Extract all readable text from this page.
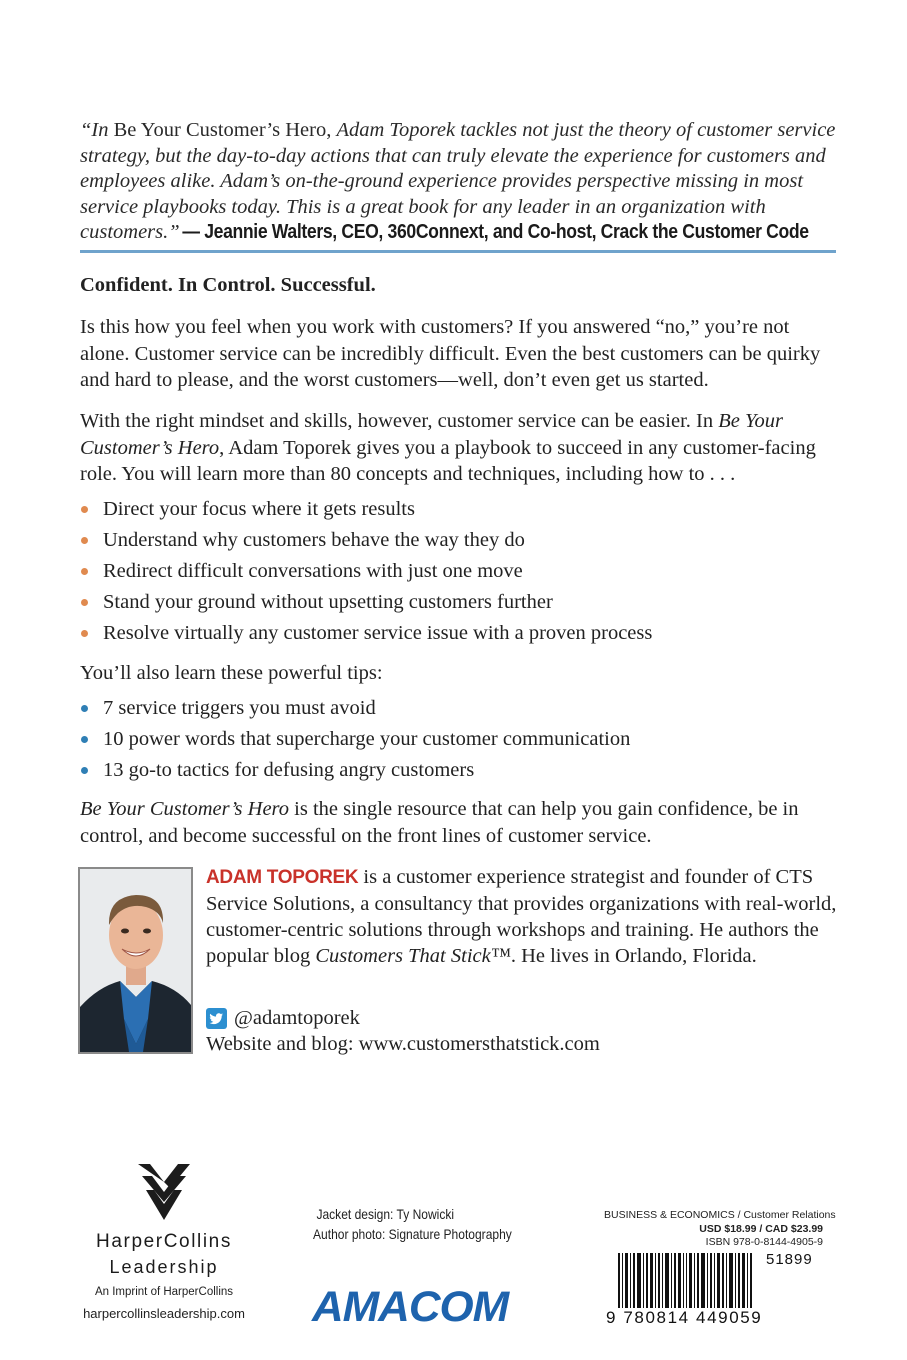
“In Be Your Customer’s Hero, Adam Toporek tackles not just the theory of customer service strategy, but the day-to-day actions that can truly elevate the experience for customers and employees alike. Adam’s on-the-ground experience provides perspective missing in most service playbooks today. This is a great book for any leader in an organization with customers.” — Jeannie Walters, CEO, 360Connext, and Co-host, Crack the Customer Code
Confident. In Control. Successful.
Is this how you feel when you work with customers? If you answered “no,” you’re not alone. Customer service can be incredibly difficult. Even the best customers can be quirky and hard to please, and the worst customers—well, don’t even get us started.
With the right mindset and skills, however, customer service can be easier. In Be Your Customer’s Hero, Adam Toporek gives you a playbook to succeed in any customer-facing role. You will learn more than 80 concepts and techniques, including how to . . .
Direct your focus where it gets results
Understand why customers behave the way they do
Redirect difficult conversations with just one move
Stand your ground without upsetting customers further
Resolve virtually any customer service issue with a proven process
You’ll also learn these powerful tips:
7 service triggers you must avoid
10 power words that supercharge your customer communication
13 go-to tactics for defusing angry customers
Be Your Customer’s Hero is the single resource that can help you gain confidence, be in control, and become successful on the front lines of customer service.
ADAM TOPOREK is a customer experience strategist and founder of CTS Service Solutions, a consultancy that provides organizations with real-world, customer-centric solutions through workshops and training. He authors the popular blog Customers That Stick™. He lives in Orlando, Florida.
@adamtoporek
Website and blog: www.customersthatstick.com
HarperCollins
Leadership
An Imprint of HarperCollins
harpercollinsleadership.com
Jacket design: Ty Nowicki
Author photo: Signature Photography
AMACOM
BUSINESS & ECONOMICS / Customer Relations
USD $18.99 / CAD $23.99
ISBN 978-0-8144-4905-9
51899
9 780814 449059
